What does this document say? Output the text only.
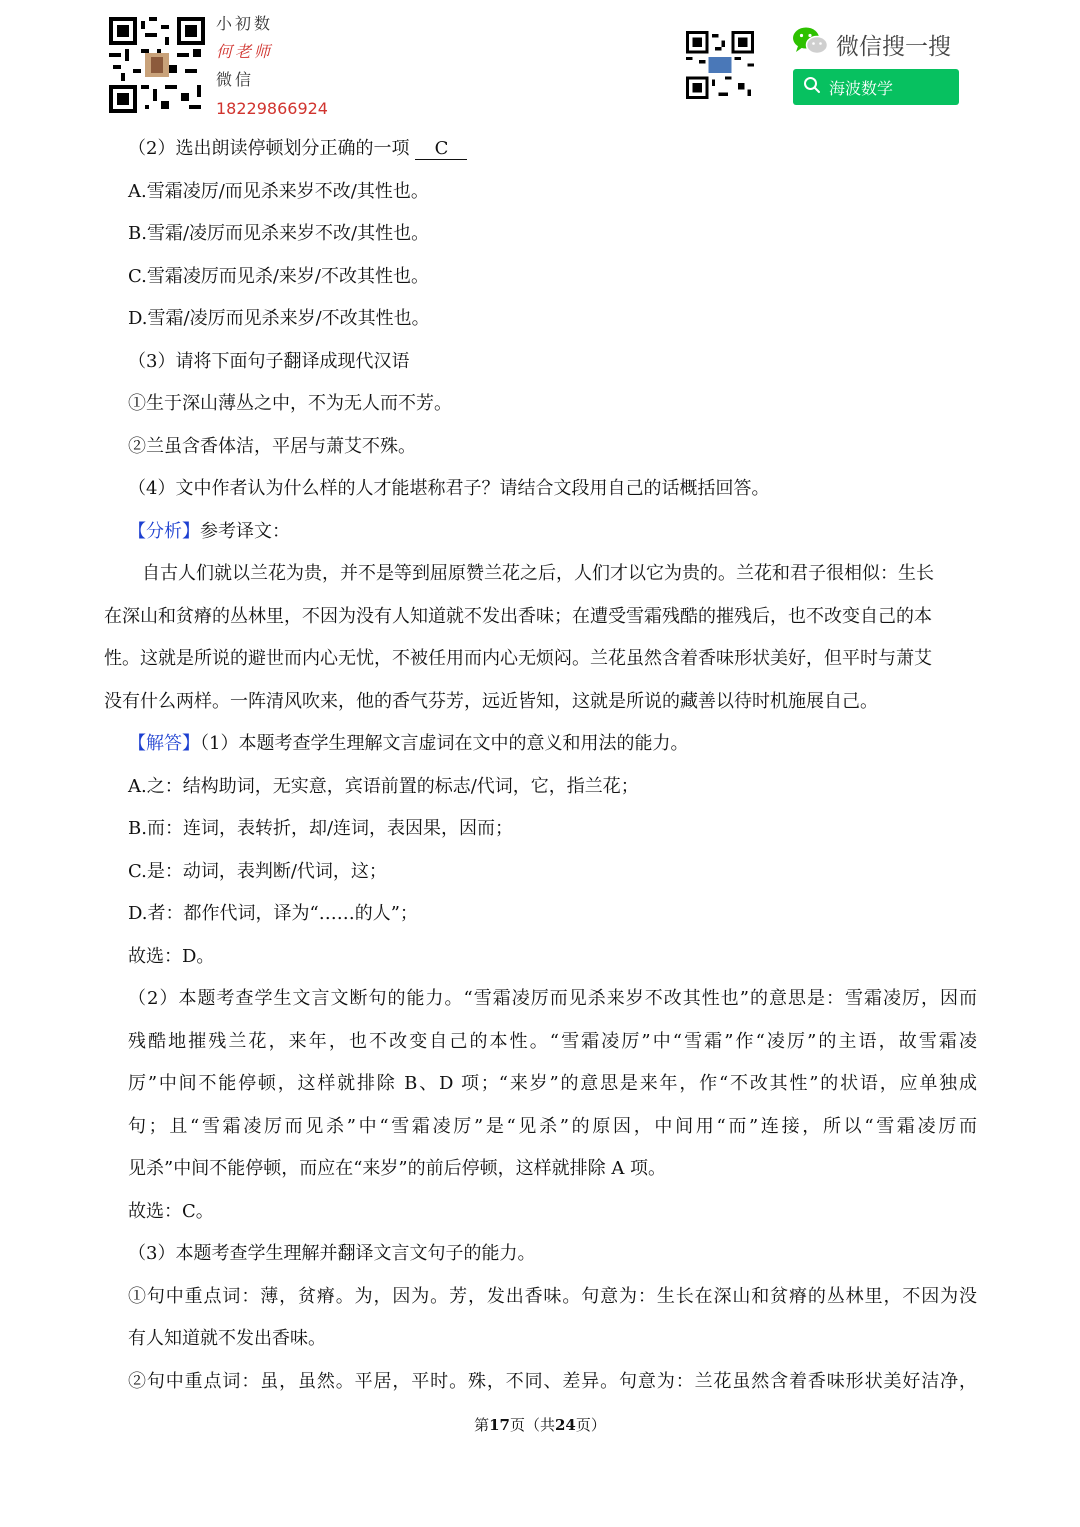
小初数
何老师
微信
18229866924
微信搜一搜
海波数学
（2）选出朗读停顿划分正确的一项 C
A.雪霜凌厉/而见杀来岁不改/其性也。
B.雪霜/凌厉而见杀来岁不改/其性也。
C.雪霜凌厉而见杀/来岁/不改其性也。
D.雪霜/凌厉而见杀来岁/不改其性也。
（3）请将下面句子翻译成现代汉语
①生于深山薄丛之中，不为无人而不芳。
②兰虽含香体洁，平居与萧艾不殊。
（4）文中作者认为什么样的人才能堪称君子？请结合文段用自己的话概括回答。
【分析】参考译文：
自古人们就以兰花为贵，并不是等到屈原赞兰花之后，人们才以它为贵的。兰花和君子很相似：生长
在深山和贫瘠的丛林里，不因为没有人知道就不发出香味；在遭受雪霜残酷的摧残后，也不改变自己的本
性。这就是所说的避世而内心无忧，不被任用而内心无烦闷。兰花虽然含着香味形状美好，但平时与萧艾
没有什么两样。一阵清风吹来，他的香气芬芳，远近皆知，这就是所说的藏善以待时机施展自己。
【解答】（1）本题考查学生理解文言虚词在文中的意义和用法的能力。
A.之：结构助词，无实意，宾语前置的标志/代词，它，指兰花；
B.而：连词，表转折，却/连词，表因果，因而；
C.是：动词，表判断/代词，这；
D.者：都作代词，译为“……的人”；
故选：D。
（2）本题考查学生文言文断句的能力。“雪霜凌厉而见杀来岁不改其性也”的意思是：雪霜凌厉，因而
残酷地摧残兰花，来年，也不改变自己的本性。“雪霜凌厉”中“雪霜”作“凌厉”的主语，故雪霜凌
厉”中间不能停顿，这样就排除 B、D 项；“来岁”的意思是来年，作“不改其性”的状语，应单独成
句；且“雪霜凌厉而见杀”中“雪霜凌厉”是“见杀”的原因，中间用“而”连接，所以“雪霜凌厉而
见杀”中间不能停顿，而应在“来岁”的前后停顿，这样就排除 A 项。
故选：C。
（3）本题考查学生理解并翻译文言文句子的能力。
①句中重点词：薄，贫瘠。为，因为。芳，发出香味。句意为：生长在深山和贫瘠的丛林里，不因为没
有人知道就不发出香味。
②句中重点词：虽，虽然。平居，平时。殊，不同、差异。句意为：兰花虽然含着香味形状美好洁净，
第17页（共24页）
